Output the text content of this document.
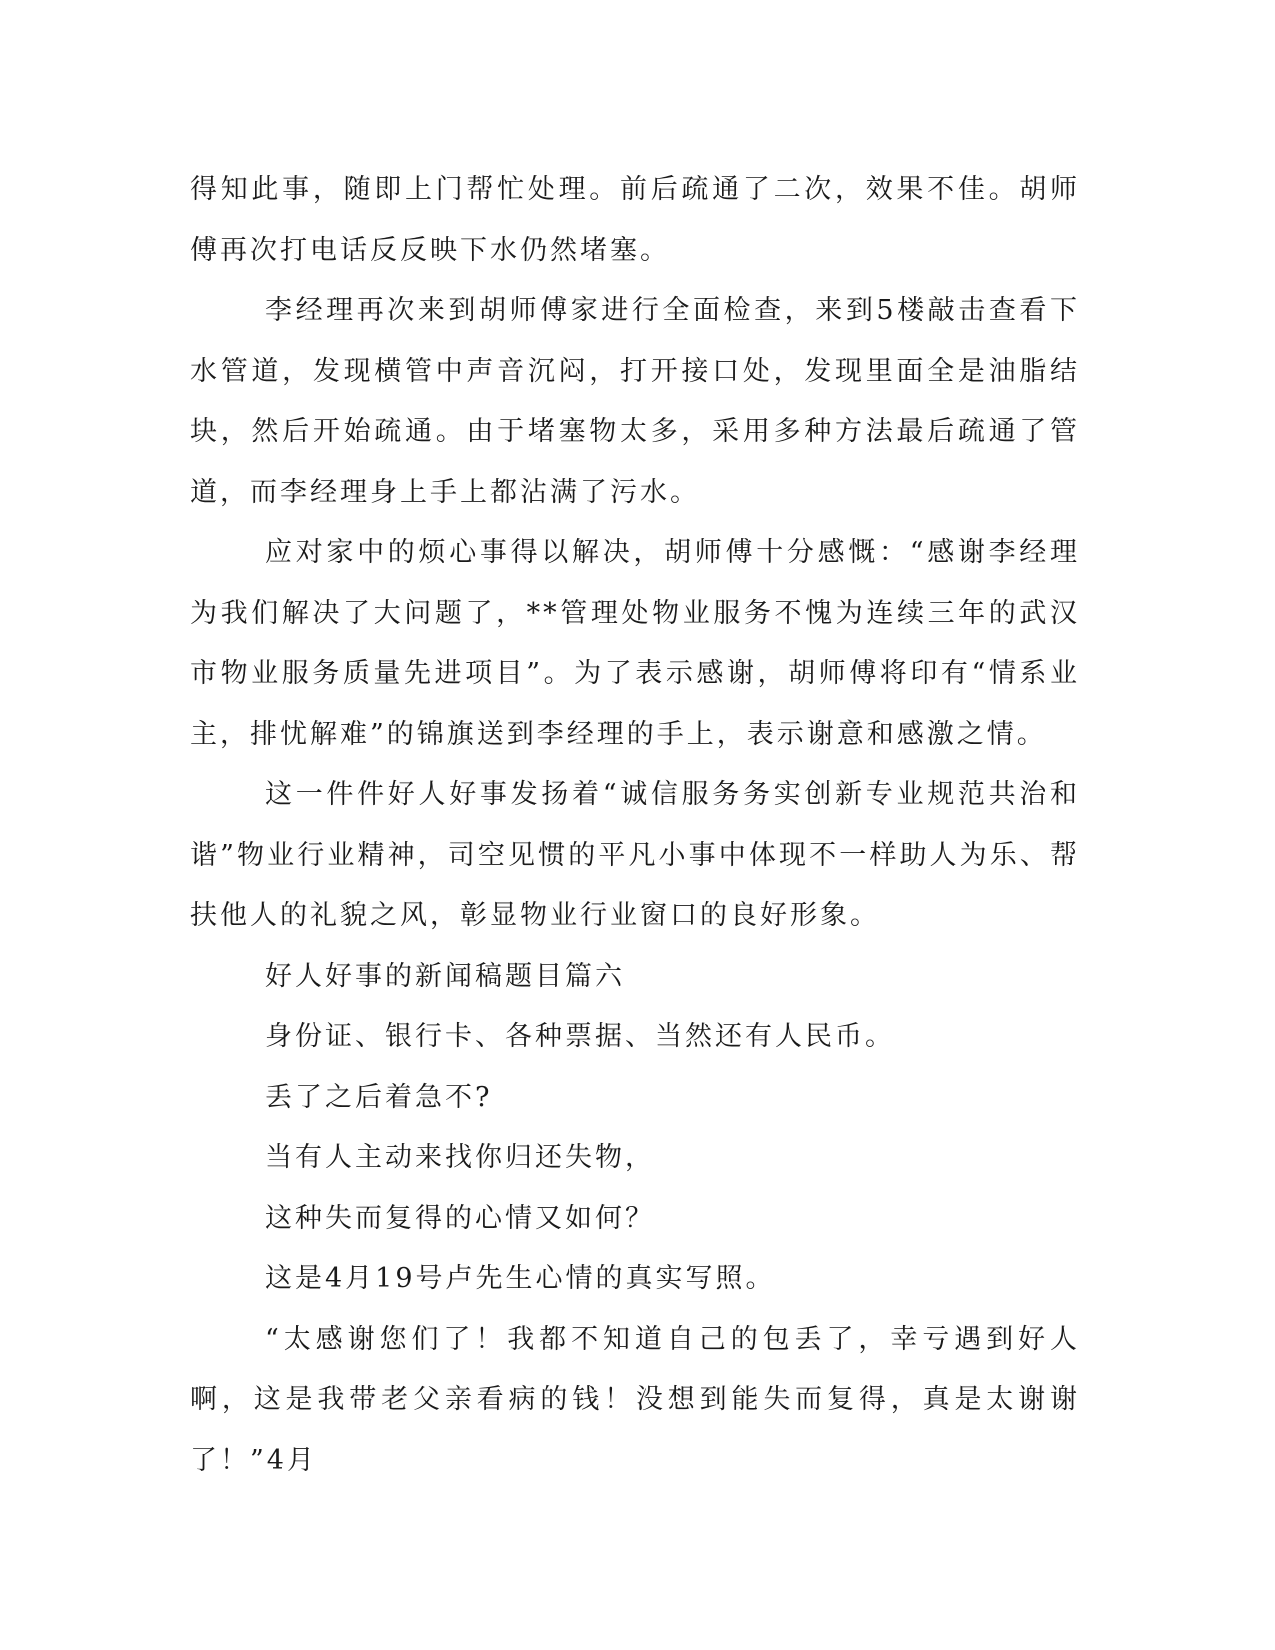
得知此事，随即上门帮忙处理。前后疏通了二次，效果不佳。胡师傅再次打电话反反映下水仍然堵塞。

李经理再次来到胡师傅家进行全面检查，来到5楼敲击查看下水管道，发现横管中声音沉闷，打开接口处，发现里面全是油脂结块，然后开始疏通。由于堵塞物太多，采用多种方法最后疏通了管道，而李经理身上手上都沾满了污水。

应对家中的烦心事得以解决，胡师傅十分感慨：“感谢李经理为我们解决了大问题了，**管理处物业服务不愧为连续三年的武汉市物业服务质量先进项目”。为了表示感谢，胡师傅将印有“情系业主，排忧解难”的锦旗送到李经理的手上，表示谢意和感激之情。

这一件件好人好事发扬着“诚信服务务实创新专业规范共治和谐”物业行业精神，司空见惯的平凡小事中体现不一样助人为乐、帮扶他人的礼貌之风，彰显物业行业窗口的良好形象。

好人好事的新闻稿题目篇六

身份证、银行卡、各种票据、当然还有人民币。

丢了之后着急不?

当有人主动来找你归还失物，

这种失而复得的心情又如何？

这是4月19号卢先生心情的真实写照。

“太感谢您们了！我都不知道自己的包丢了，幸亏遇到好人啊，这是我带老父亲看病的钱！没想到能失而复得，真是太谢谢了！”4月
